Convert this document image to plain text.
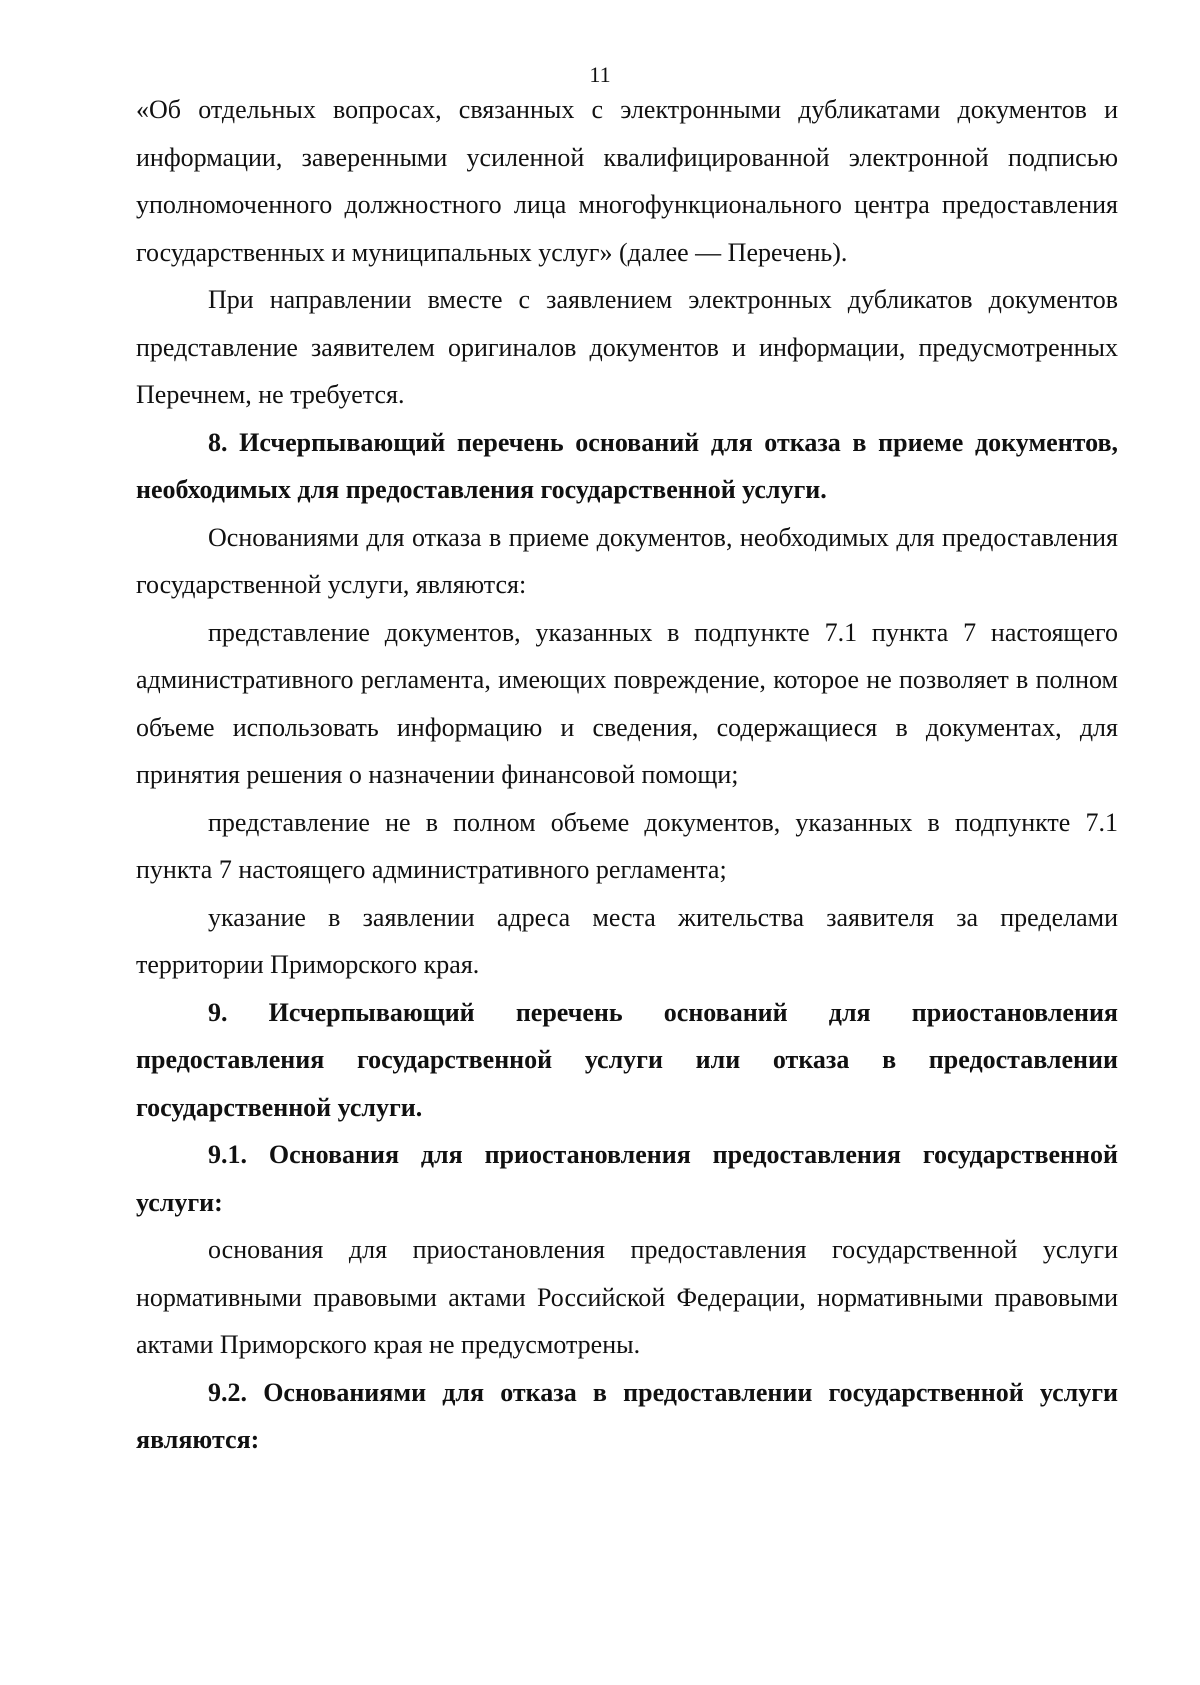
11

«Об отдельных вопросах, связанных с электронными дубликатами документов и информации, заверенными усиленной квалифицированной электронной подписью уполномоченного должностного лица многофункционального центра предоставления государственных и муниципальных услуг» (далее — Перечень).

При направлении вместе с заявлением электронных дубликатов документов представление заявителем оригиналов документов и информации, предусмотренных Перечнем, не требуется.

8. Исчерпывающий перечень оснований для отказа в приеме документов, необходимых для предоставления государственной услуги.

Основаниями для отказа в приеме документов, необходимых для предоставления государственной услуги, являются:

представление документов, указанных в подпункте 7.1 пункта 7 настоящего административного регламента, имеющих повреждение, которое не позволяет в полном объеме использовать информацию и сведения, содержащиеся в документах, для принятия решения о назначении финансовой помощи;

представление не в полном объеме документов, указанных в подпункте 7.1 пункта 7 настоящего административного регламента;

указание в заявлении адреса места жительства заявителя за пределами территории Приморского края.

9. Исчерпывающий перечень оснований для приостановления предоставления государственной услуги или отказа в предоставлении государственной услуги.

9.1. Основания для приостановления предоставления государственной услуги:

основания для приостановления предоставления государственной услуги нормативными правовыми актами Российской Федерации, нормативными правовыми актами Приморского края не предусмотрены.

9.2. Основаниями для отказа в предоставлении государственной услуги являются:
